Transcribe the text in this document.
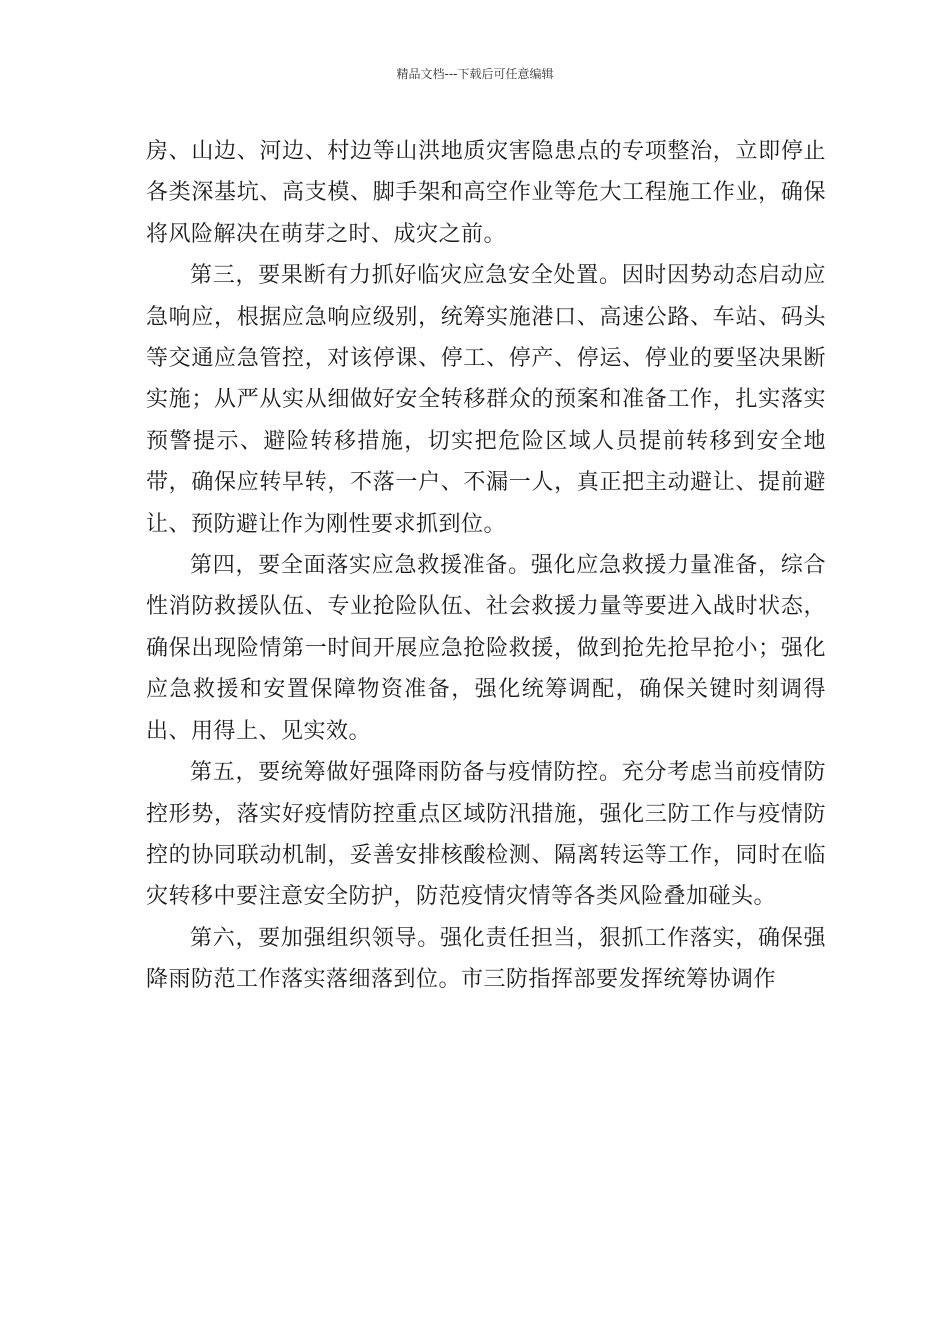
精品文档---下载后可任意编辑

房、山边、河边、村边等山洪地质灾害隐患点的专项整治，立即停止各类深基坑、高支模、脚手架和高空作业等危大工程施工作业，确保将风险解决在萌芽之时、成灾之前。

第三，要果断有力抓好临灾应急安全处置。因时因势动态启动应急响应，根据应急响应级别，统筹实施港口、高速公路、车站、码头等交通应急管控，对该停课、停工、停产、停运、停业的要坚决果断实施；从严从实从细做好安全转移群众的预案和准备工作，扎实落实预警提示、避险转移措施，切实把危险区域人员提前转移到安全地带，确保应转早转，不落一户、不漏一人，真正把主动避让、提前避让、预防避让作为刚性要求抓到位。

第四，要全面落实应急救援准备。强化应急救援力量准备，综合性消防救援队伍、专业抢险队伍、社会救援力量等要进入战时状态，确保出现险情第一时间开展应急抢险救援，做到抢先抢早抢小；强化应急救援和安置保障物资准备，强化统筹调配，确保关键时刻调得出、用得上、见实效。

第五，要统筹做好强降雨防备与疫情防控。充分考虑当前疫情防控形势，落实好疫情防控重点区域防汛措施，强化三防工作与疫情防控的协同联动机制，妥善安排核酸检测、隔离转运等工作，同时在临灾转移中要注意安全防护，防范疫情灾情等各类风险叠加碰头。

第六，要加强组织领导。强化责任担当，狠抓工作落实，确保强降雨防范工作落实落细落到位。市三防指挥部要发挥统筹协调作
